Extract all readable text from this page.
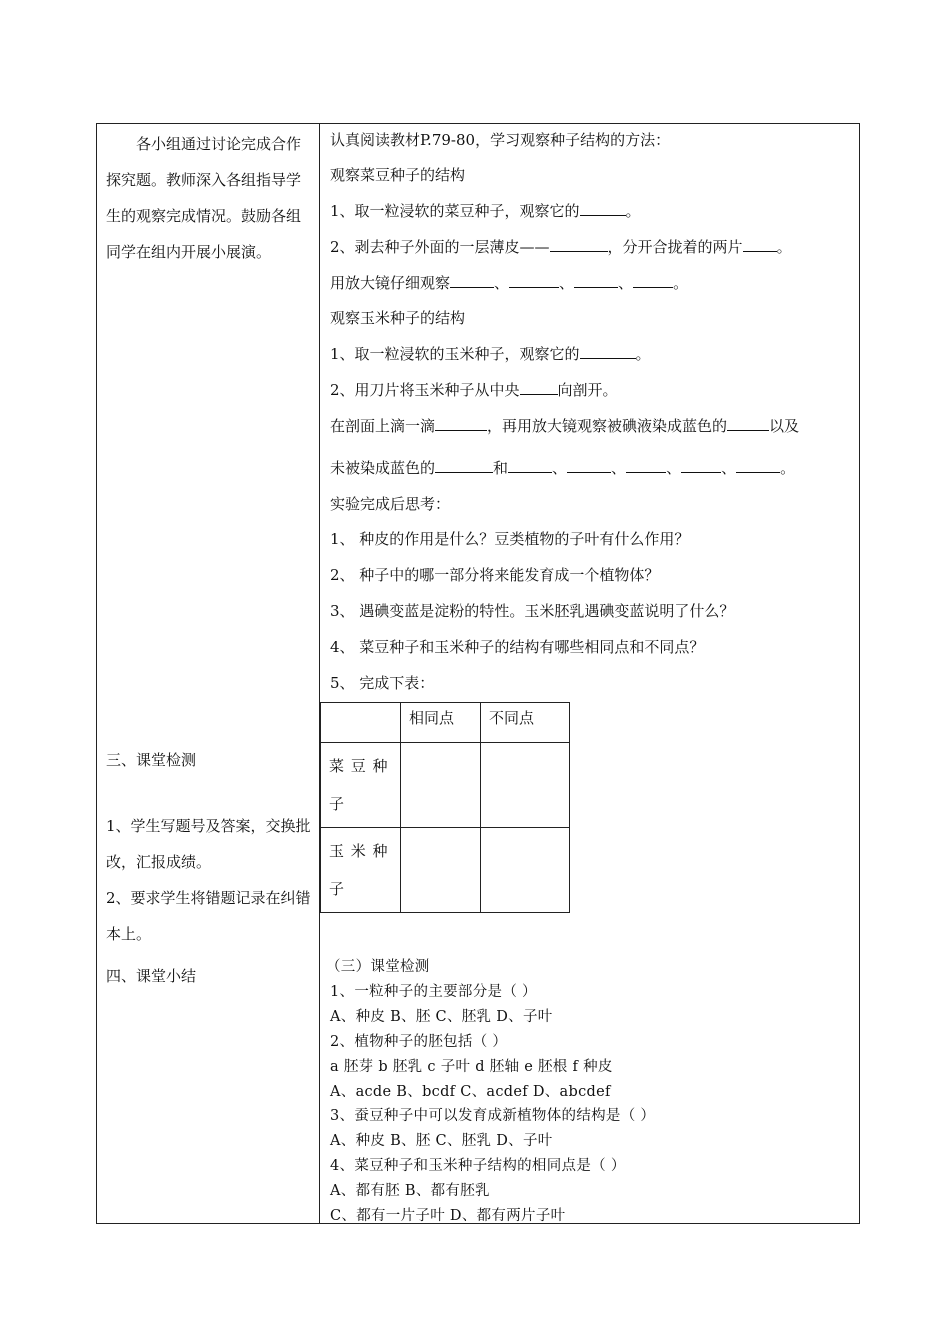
各小组通过讨论完成合作探究题。教师深入各组指导学生的观察完成情况。鼓励各组同学在组内开展小展演。
三、课堂检测
1、学生写题号及答案，交换批改，汇报成绩。
2、要求学生将错题记录在纠错本上。
四、课堂小结
认真阅读教材P.79-80，学习观察种子结构的方法：
观察菜豆种子的结构
1、取一粒浸软的菜豆种子，观察它的	。
2、剥去种子外面的一层薄皮——	，分开合拢着的两片 。
用放大镜仔细观察	、	、	、	。
观察玉米种子的结构
1、取一粒浸软的玉米种子，观察它的	。
2、用刀片将玉米种子从中央	向剖开。
在剖面上滴一滴	，再用放大镜观察被碘液染成蓝色的	以及
未被染成蓝色的	和	、	、	、	、	。
实验完成后思考：
1、 种皮的作用是什么？豆类植物的子叶有什么作用？
2、 种子中的哪一部分将来能发育成一个植物体？
3、 遇碘变蓝是淀粉的特性。玉米胚乳遇碘变蓝说明了什么？
4、 菜豆种子和玉米种子的结构有哪些相同点和不同点？
5、 完成下表：
	相同点	不同点
菜 豆 种 子		
玉 米 种 子		
（三）课堂检测
1、一粒种子的主要部分是（ ）
A、种皮 B、胚 C、胚乳 D、子叶
2、植物种子的胚包括（ ）
a 胚芽 b 胚乳 c 子叶 d 胚轴 e 胚根 f 种皮
A、acde B、bcdf C、acdef D、abcdef
3、蚕豆种子中可以发育成新植物体的结构是（ ）
A、种皮 B、胚 C、胚乳 D、子叶
4、菜豆种子和玉米种子结构的相同点是（ ）
A、都有胚 B、都有胚乳
C、都有一片子叶 D、都有两片子叶
